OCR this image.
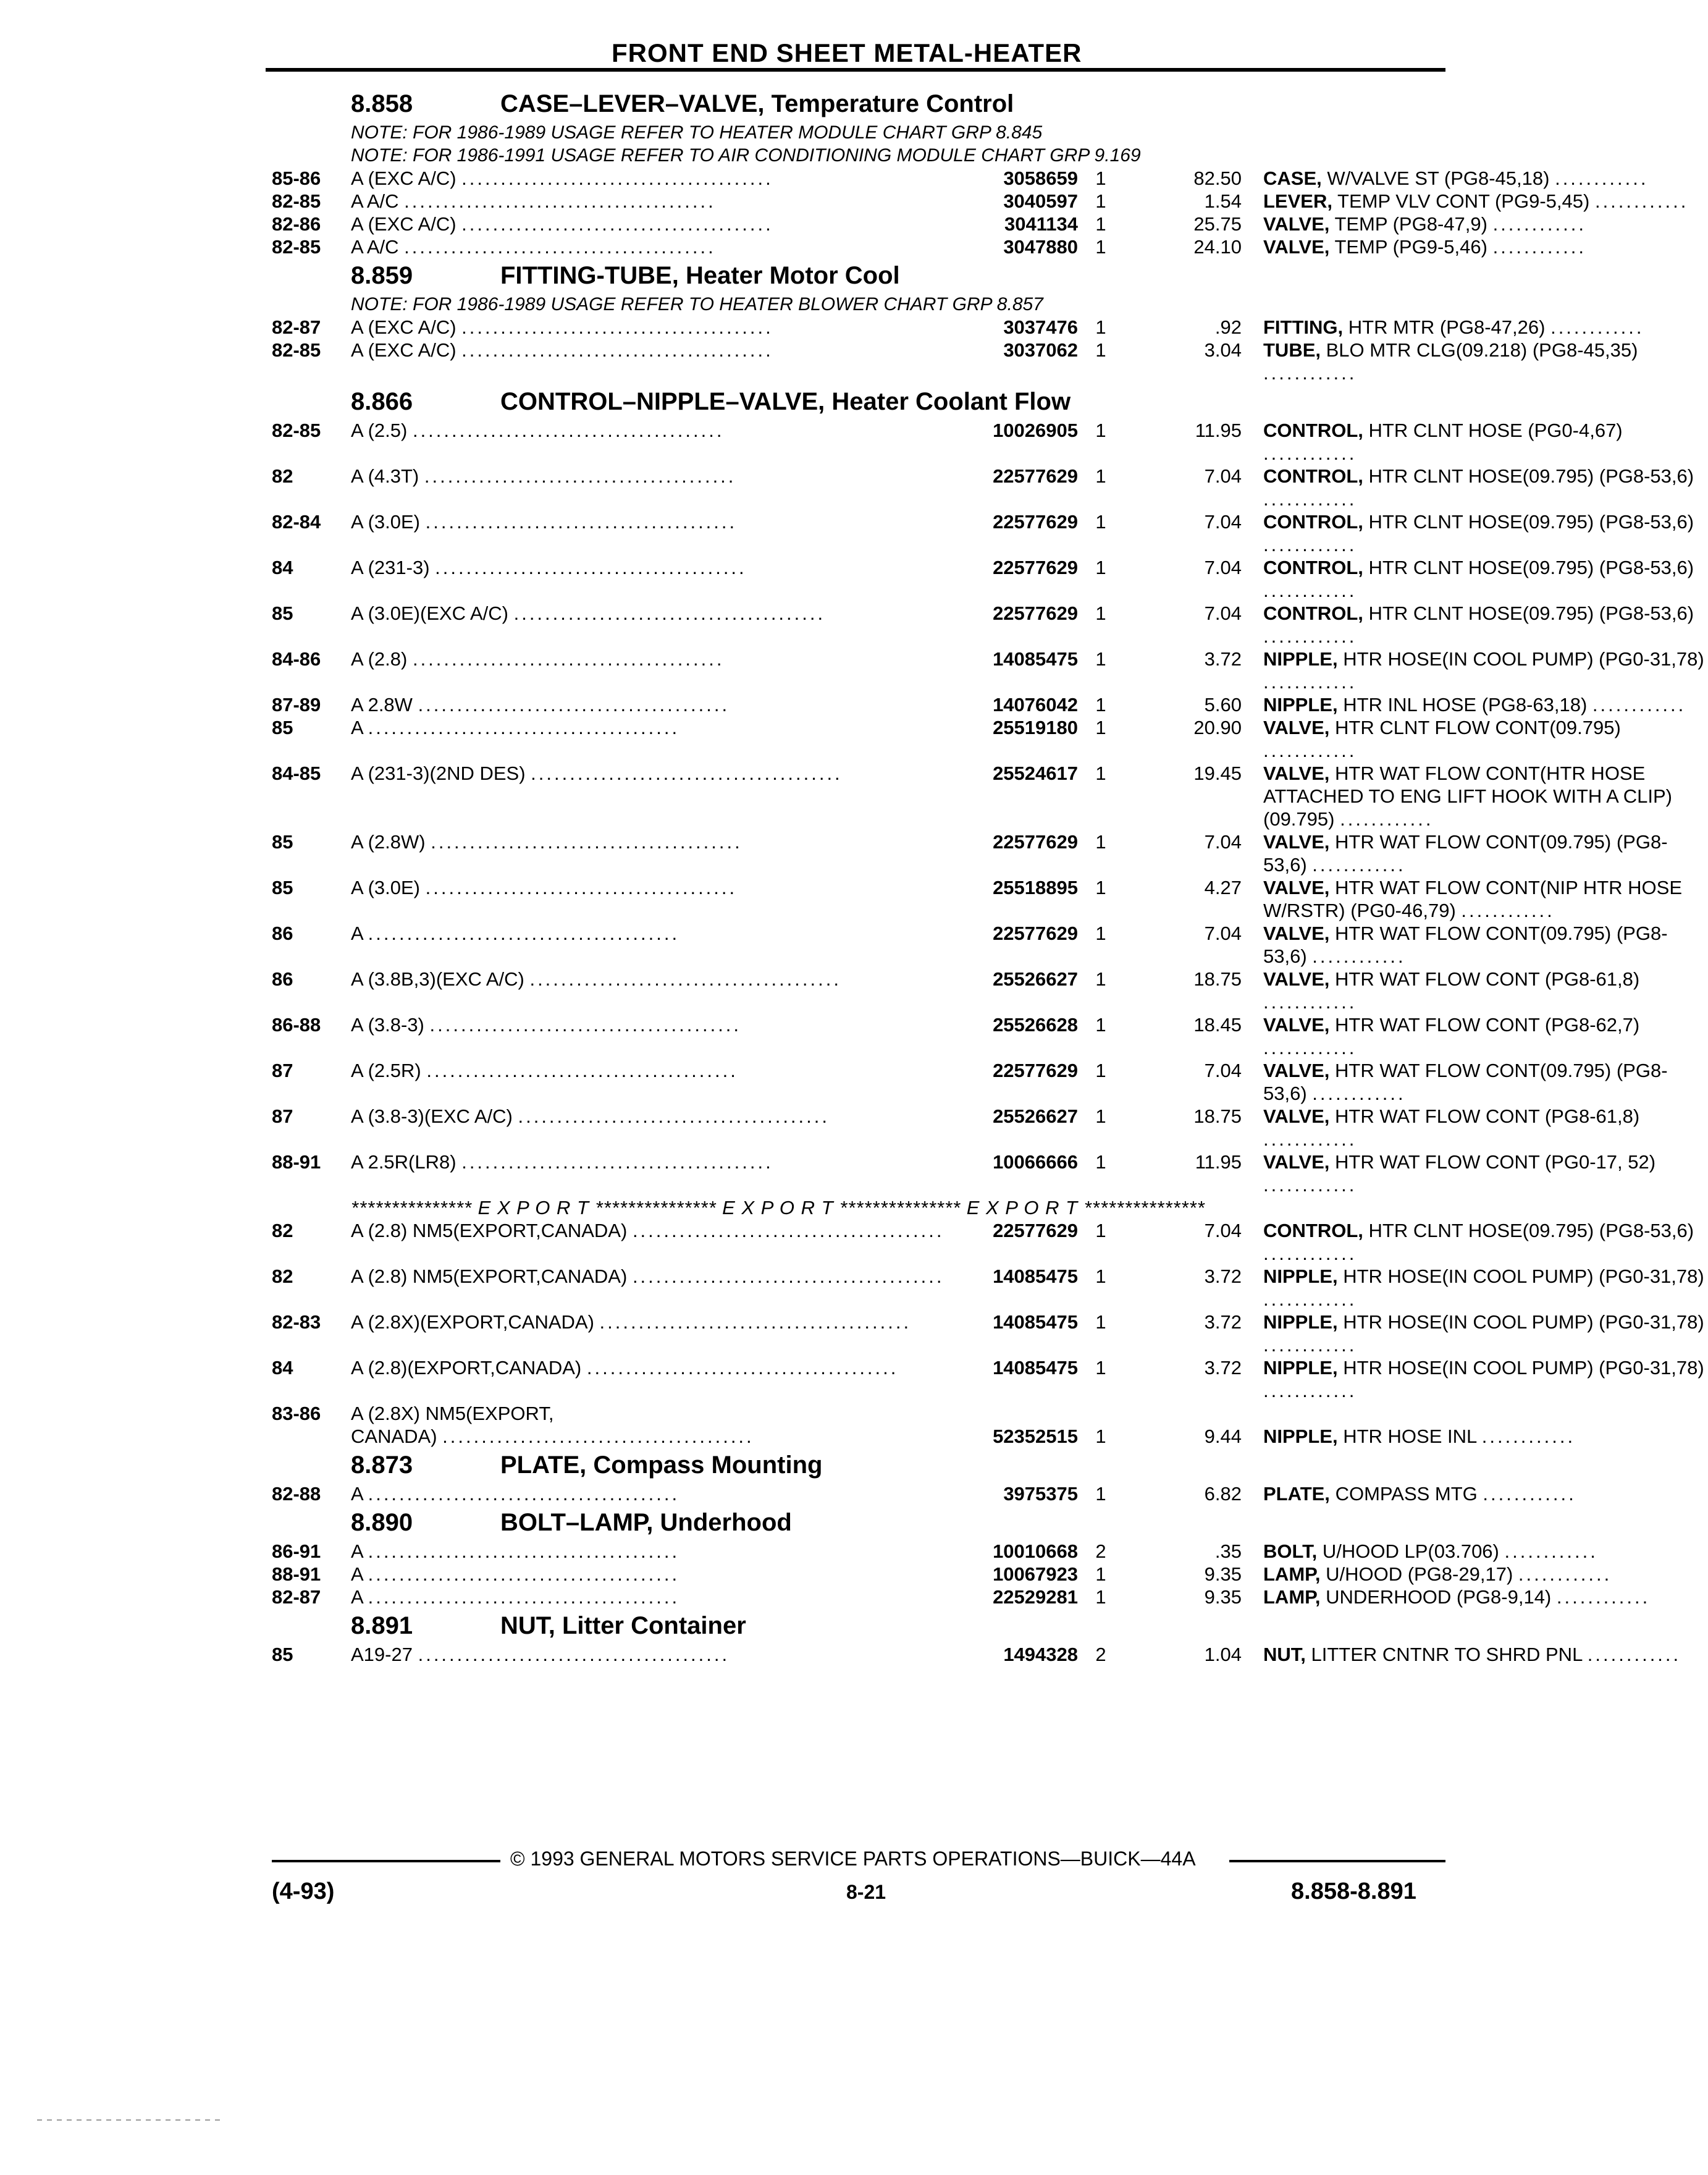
FRONT END SHEET METAL-HEATER
8.858	CASE–LEVER–VALVE, Temperature Control
NOTE: FOR 1986-1989 USAGE REFER TO HEATER MODULE CHART GRP 8.845
NOTE: FOR 1986-1991 USAGE REFER TO AIR CONDITIONING MODULE CHART GRP 9.169
85-86	A (EXC A/C) ........................................	3058659 1	82.50 CASE, W/VALVE ST (PG8-45,18) ............
82-85	A A/C ........................................	3040597 1	1.54 LEVER, TEMP VLV CONT (PG9-5,45) ............
82-86	A (EXC A/C) ........................................	3041134 1	25.75 VALVE, TEMP (PG8-47,9) ............
82-85	A A/C ........................................	3047880 1	24.10 VALVE, TEMP (PG9-5,46) ............
8.859	FITTING-TUBE, Heater Motor Cool
NOTE: FOR 1986-1989 USAGE REFER TO HEATER BLOWER CHART GRP 8.857
82-87	A (EXC A/C) ........................................	3037476 1	.92 FITTING, HTR MTR (PG8-47,26) ............
82-85	A (EXC A/C) ........................................	3037062 1	3.04 TUBE, BLO MTR CLG(09.218) (PG8-45,35) ............
8.866	CONTROL–NIPPLE–VALVE, Heater Coolant Flow
82-85	A (2.5) ........................................	10026905 1	11.95 CONTROL, HTR CLNT HOSE (PG0-4,67) ............
82	A (4.3T) ........................................	22577629 1	7.04 CONTROL, HTR CLNT HOSE(09.795) (PG8-53,6) ............
82-84	A (3.0E) ........................................	22577629 1	7.04 CONTROL, HTR CLNT HOSE(09.795) (PG8-53,6) ............
84	A (231-3) ........................................	22577629 1	7.04 CONTROL, HTR CLNT HOSE(09.795) (PG8-53,6) ............
85	A (3.0E)(EXC A/C) ........................................	22577629 1	7.04 CONTROL, HTR CLNT HOSE(09.795) (PG8-53,6) ............
84-86	A (2.8) ........................................	14085475 1	3.72 NIPPLE, HTR HOSE(IN COOL PUMP) (PG0-31,78) ............
87-89	A 2.8W ........................................	14076042 1	5.60 NIPPLE, HTR INL HOSE (PG8-63,18) ............
85	A ........................................	25519180 1	20.90 VALVE, HTR CLNT FLOW CONT(09.795) ............
84-85	A (231-3)(2ND DES) ........................................	25524617 1	19.45 VALVE, HTR WAT FLOW CONT(HTR HOSE ATTACHED TO ENG LIFT HOOK WITH A CLIP)(09.795) ............
85	A (2.8W) ........................................	22577629 1	7.04 VALVE, HTR WAT FLOW CONT(09.795) (PG8-53,6) ............
85	A (3.0E) ........................................	25518895 1	4.27 VALVE, HTR WAT FLOW CONT(NIP HTR HOSE W/RSTR) (PG0-46,79) ............
86	A ........................................	22577629 1	7.04 VALVE, HTR WAT FLOW CONT(09.795) (PG8-53,6) ............
86	A (3.8B,3)(EXC A/C) ........................................	25526627 1	18.75 VALVE, HTR WAT FLOW CONT (PG8-61,8) ............
86-88	A (3.8-3) ........................................	25526628 1	18.45 VALVE, HTR WAT FLOW CONT (PG8-62,7) ............
87	A (2.5R) ........................................	22577629 1	7.04 VALVE, HTR WAT FLOW CONT(09.795) (PG8-53,6) ............
87	A (3.8-3)(EXC A/C) ........................................	25526627 1	18.75 VALVE, HTR WAT FLOW CONT (PG8-61,8) ............
88-91	A 2.5R(LR8) ........................................	10066666 1	11.95 VALVE, HTR WAT FLOW CONT (PG0-17, 52) ............
*************** E X P O R T *************** E X P O R T *************** E X P O R T ***************
82	A (2.8) NM5(EXPORT,CANADA) ........................................	22577629 1	7.04 CONTROL, HTR CLNT HOSE(09.795) (PG8-53,6) ............
82	A (2.8) NM5(EXPORT,CANADA) ........................................	14085475 1	3.72 NIPPLE, HTR HOSE(IN COOL PUMP) (PG0-31,78) ............
82-83	A (2.8X)(EXPORT,CANADA) ........................................	14085475 1	3.72 NIPPLE, HTR HOSE(IN COOL PUMP) (PG0-31,78) ............
84	A (2.8)(EXPORT,CANADA) ........................................	14085475 1	3.72 NIPPLE, HTR HOSE(IN COOL PUMP) (PG0-31,78) ............
83-86	A (2.8X) NM5(EXPORT,
CANADA) ........................................	52352515 1	9.44 NIPPLE, HTR HOSE INL ............
8.873	PLATE, Compass Mounting
82-88	A ........................................	3975375 1	6.82 PLATE, COMPASS MTG ............
8.890	BOLT–LAMP, Underhood
86-91	A ........................................	10010668 2	.35 BOLT, U/HOOD LP(03.706) ............
88-91	A ........................................	10067923 1	9.35 LAMP, U/HOOD (PG8-29,17) ............
82-87	A ........................................	22529281 1	9.35 LAMP, UNDERHOOD (PG8-9,14) ............
8.891	NUT, Litter Container
85	A19-27 ........................................	1494328 2	1.04 NUT, LITTER CNTNR TO SHRD PNL ............
© 1993 GENERAL MOTORS SERVICE PARTS OPERATIONS—BUICK—44A
(4-93)	8-21	8.858-8.891
